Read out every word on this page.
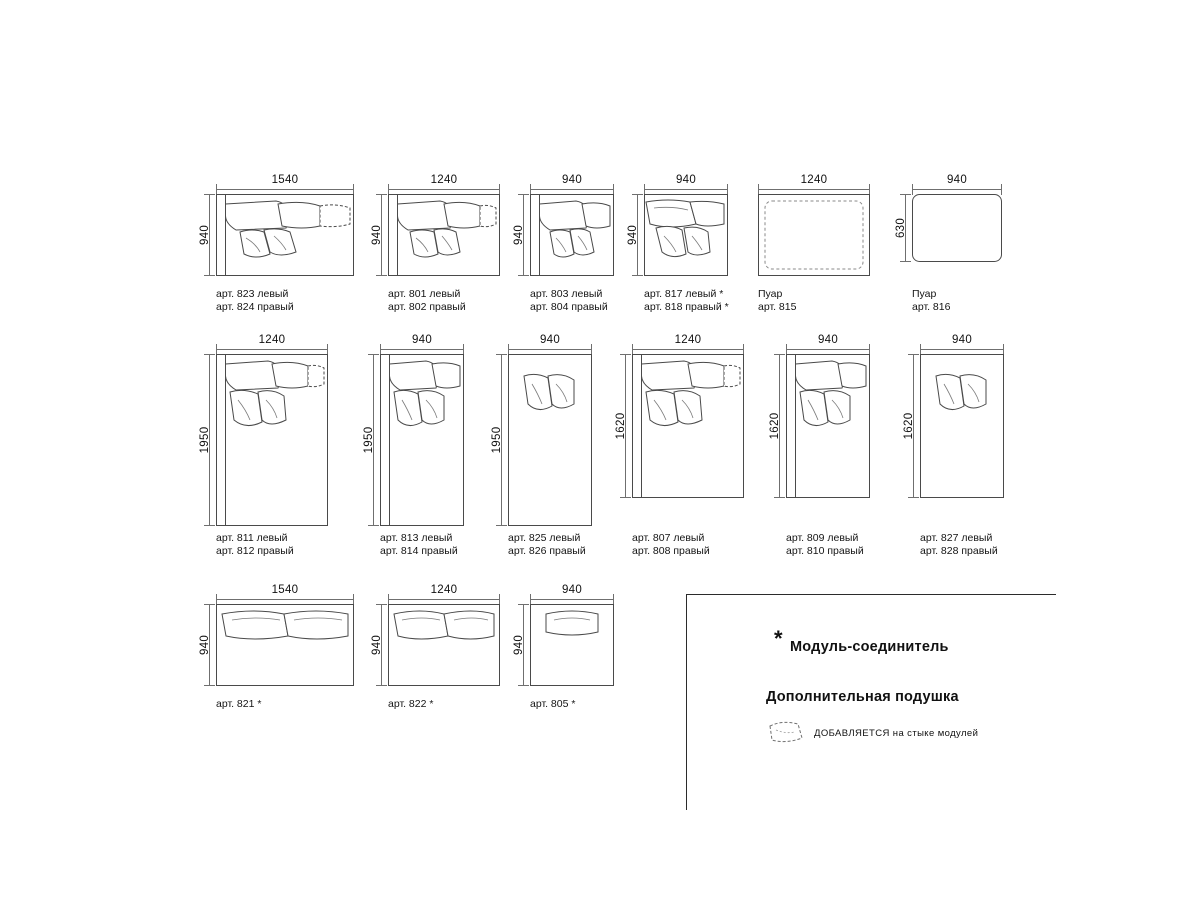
1540
940
арт. 823 левый
арт. 824 правый
1240
940
арт. 801 левый
арт. 802 правый
940
940
арт. 803 левый
арт. 804 правый
940
940
арт. 817 левый *
арт. 818 правый *
1240
Пуар
арт. 815
940
630
Пуар
арт. 816
1240
1950
арт. 811 левый
арт. 812 правый
940
1950
арт. 813 левый
арт. 814 правый
940
1950
арт. 825 левый
арт. 826 правый
1240
1620
арт. 807 левый
арт. 808 правый
940
1620
арт. 809 левый
арт. 810 правый
940
1620
арт. 827 левый
арт. 828 правый
1540
940
арт. 821 *
1240
940
арт. 822 *
940
940
арт. 805 *
* Модуль-соединитель
Дополнительная подушка
ДОБАВЛЯЕТСЯ на стыке модулей
